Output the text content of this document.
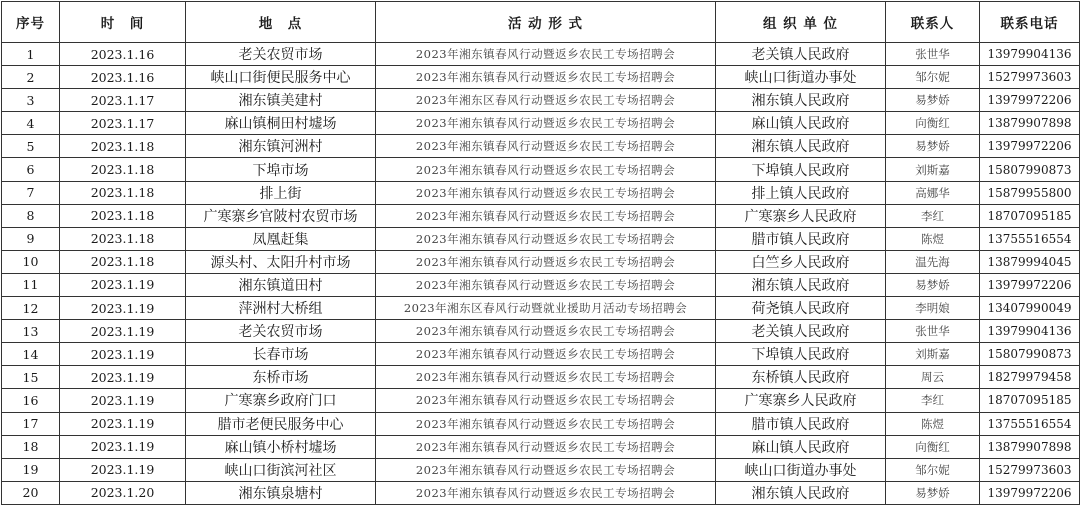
序号	时　间	地　点	活 动 形 式	组 织 单 位	联系人	联系电话
1	2023.1.16	老关农贸市场	2023年湘东镇春风行动暨返乡农民工专场招聘会	老关镇人民政府	张世华	13979904136
2	2023.1.16	峡山口街便民服务中心	2023年湘东镇春风行动暨返乡农民工专场招聘会	峡山口街道办事处	邹尔妮	15279973603
3	2023.1.17	湘东镇美建村	2023年湘东区春风行动暨返乡农民工专场招聘会	湘东镇人民政府	易梦娇	13979972206
4	2023.1.17	麻山镇桐田村墟场	2023年湘东镇春风行动暨返乡农民工专场招聘会	麻山镇人民政府	向衡红	13879907898
5	2023.1.18	湘东镇河洲村	2023年湘东镇春风行动暨返乡农民工专场招聘会	湘东镇人民政府	易梦娇	13979972206
6	2023.1.18	下埠市场	2023年湘东镇春风行动暨返乡农民工专场招聘会	下埠镇人民政府	刘斯嘉	15807990873
7	2023.1.18	排上街	2023年湘东镇春风行动暨返乡农民工专场招聘会	排上镇人民政府	高娜华	15879955800
8	2023.1.18	广寒寨乡官陂村农贸市场	2023年湘东镇春风行动暨返乡农民工专场招聘会	广寒寨乡人民政府	李红	18707095185
9	2023.1.18	凤凰赶集	2023年湘东镇春风行动暨返乡农民工专场招聘会	腊市镇人民政府	陈煜	13755516554
10	2023.1.18	源头村、太阳升村市场	2023年湘东镇春风行动暨返乡农民工专场招聘会	白竺乡人民政府	温先海	13879994045
11	2023.1.19	湘东镇道田村	2023年湘东镇春风行动暨返乡农民工专场招聘会	湘东镇人民政府	易梦娇	13979972206
12	2023.1.19	萍洲村大桥组	2023年湘东区春风行动暨就业援助月活动专场招聘会	荷尧镇人民政府	李明娘	13407990049
13	2023.1.19	老关农贸市场	2023年湘东镇春风行动暨返乡农民工专场招聘会	老关镇人民政府	张世华	13979904136
14	2023.1.19	长春市场	2023年湘东镇春风行动暨返乡农民工专场招聘会	下埠镇人民政府	刘斯嘉	15807990873
15	2023.1.19	东桥市场	2023年湘东镇春风行动暨返乡农民工专场招聘会	东桥镇人民政府	周云	18279979458
16	2023.1.19	广寒寨乡政府门口	2023年湘东镇春风行动暨返乡农民工专场招聘会	广寒寨乡人民政府	李红	18707095185
17	2023.1.19	腊市老便民服务中心	2023年湘东镇春风行动暨返乡农民工专场招聘会	腊市镇人民政府	陈煜	13755516554
18	2023.1.19	麻山镇小桥村墟场	2023年湘东镇春风行动暨返乡农民工专场招聘会	麻山镇人民政府	向衡红	13879907898
19	2023.1.19	峡山口街滨河社区	2023年湘东镇春风行动暨返乡农民工专场招聘会	峡山口街道办事处	邹尔妮	15279973603
20	2023.1.20	湘东镇泉塘村	2023年湘东镇春风行动暨返乡农民工专场招聘会	湘东镇人民政府	易梦娇	13979972206
